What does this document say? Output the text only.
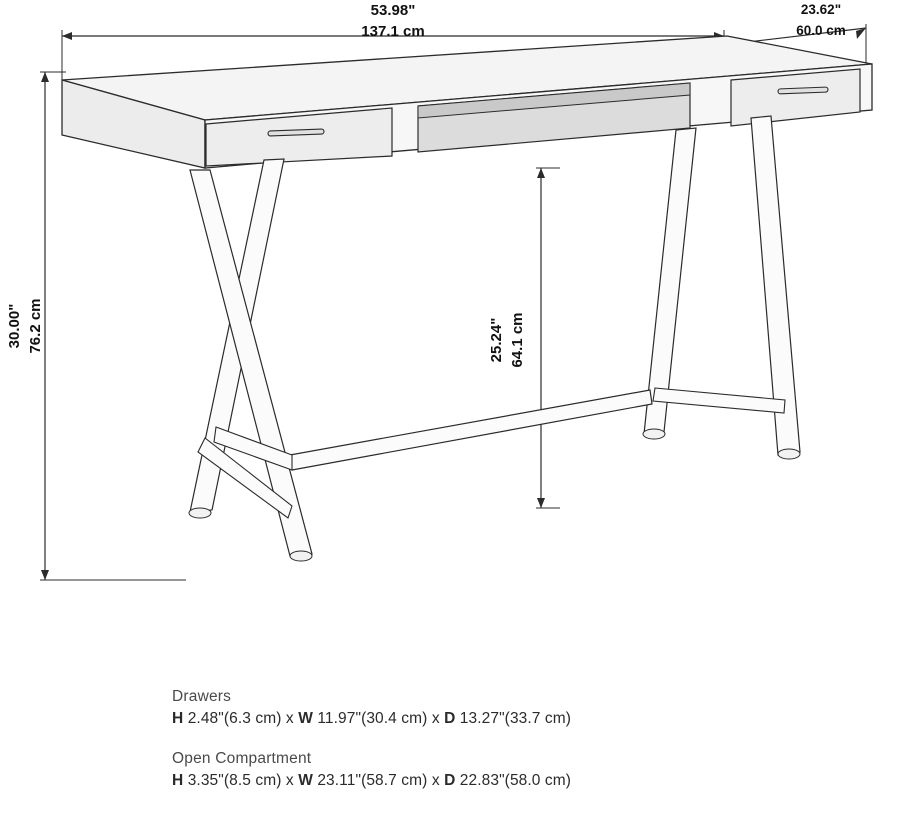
53.98"
137.1 cm
23.62"
60.0 cm
30.00" 76.2 cm	25.24" 64.1 cm

Drawers

H 2.48"(6.3 cm) x W 11.97"(30.4 cm) x D 13.27"(33.7 cm)

Open Compartment

H 3.35"(8.5 cm) x W 23.11"(58.7 cm) x D 22.83"(58.0 cm)
